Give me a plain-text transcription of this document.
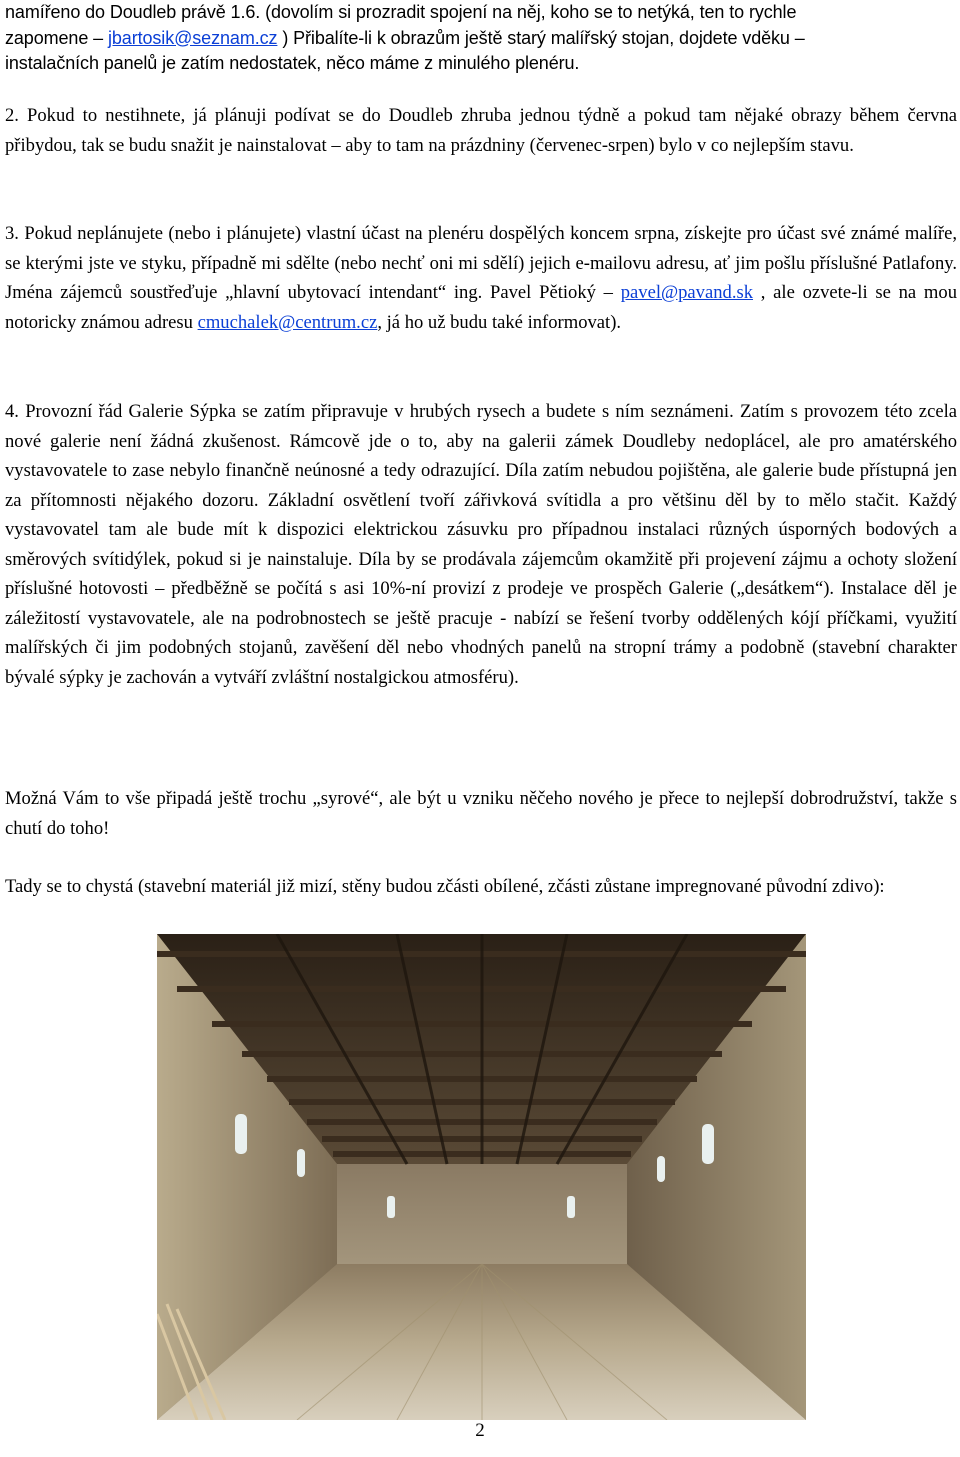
namířeno do Doudleb právě 1.6. (dovolím si prozradit spojení na něj, koho se to netýká, ten to rychle
zapomene – jbartosik@seznam.cz ) Přibalíte-li k obrazům ještě starý malířský stojan, dojdete vděku –
instalačních panelů je zatím nedostatek, něco máme z minulého plenéru.

2. Pokud to nestihnete, já plánuji podívat se do Doudleb zhruba jednou týdně a pokud tam nějaké obrazy během června přibydou, tak se budu snažit je nainstalovat – aby to tam na prázdniny (červenec-srpen) bylo v co nejlepším stavu.

3. Pokud neplánujete (nebo i plánujete) vlastní účast na plenéru dospělých koncem srpna, získejte pro účast své známé malíře, se kterými jste ve styku, případně mi sdělte (nebo nechť oni mi sdělí) jejich e-mailovu adresu, ať jim pošlu příslušné Patlafony. Jména zájemců soustřeďuje „hlavní ubytovací intendant“ ing. Pavel Pětioký – pavel@pavand.sk , ale ozvete-li se na mou notoricky známou adresu cmuchalek@centrum.cz, já ho už budu také informovat).

4. Provozní řád Galerie Sýpka se zatím připravuje v hrubých rysech a budete s ním seznámeni. Zatím s provozem této zcela nové galerie není žádná zkušenost. Rámcově jde o to, aby na galerii zámek Doudleby nedoplácel, ale pro amatérského vystavovatele to zase nebylo finančně neúnosné a tedy odrazující. Díla zatím nebudou pojištěna, ale galerie bude přístupná jen za přítomnosti nějakého dozoru. Základní osvětlení tvoří zářivková svítidla a pro většinu děl by to mělo stačit. Každý vystavovatel tam ale bude mít k dispozici elektrickou zásuvku pro případnou instalaci různých úsporných bodových a směrových svítidýlek, pokud si je nainstaluje. Díla by se prodávala zájemcům okamžitě při projevení zájmu a ochoty složení příslušné hotovosti – předběžně se počítá s asi 10%-ní provizí z prodeje ve prospěch Galerie („desátkem“). Instalace děl je záležitostí vystavovatele, ale na podrobnostech se ještě pracuje - nabízí se řešení tvorby oddělených kójí příčkami, využití malířských či jim podobných stojanů, zavěšení děl nebo vhodných panelů na stropní trámy a podobně (stavební charakter bývalé sýpky je zachován a vytváří zvláštní nostalgickou atmosféru).

Možná Vám to vše připadá ještě trochu „syrové“, ale být u vzniku něčeho nového je přece to nejlepší dobrodružství, takže s chutí do toho!

Tady se to chystá (stavební materiál již mizí, stěny budou zčásti obílené, zčásti zůstane impregnované původní zdivo):

2
